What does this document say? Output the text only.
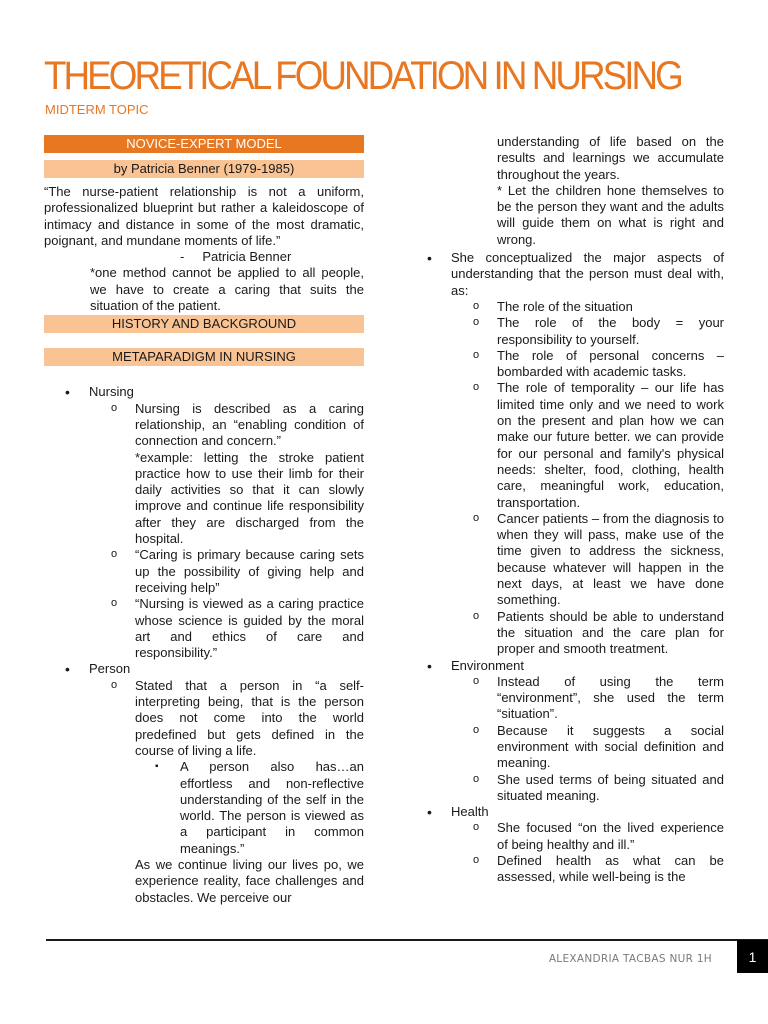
THEORETICAL FOUNDATION IN NURSING
MIDTERM TOPIC
NOVICE-EXPERT MODEL
by Patricia Benner (1979-1985)

“The nurse-patient relationship is not a uniform, professionalized blueprint but rather a kaleidoscope of intimacy and distance in some of the most dramatic, poignant, and mundane moments of life.”

-     Patricia Benner

*one method cannot be applied to all people, we have to create a caring that suits the situation of the patient.

HISTORY AND BACKGROUND
METAPARADIGM IN NURSING
• Nursing
o Nursing is described as a caring relationship, an “enabling condition of connection and concern.”
*example: letting the stroke patient practice how to use their limb for their daily activities so that it can slowly improve and continue life responsibility after they are discharged from the hospital.
o “Caring is primary because caring sets up the possibility of giving help and receiving help”
o “Nursing is viewed as a caring practice whose science is guided by the moral art and ethics of care and responsibility.”
• Person
o Stated that a person in “a self-interpreting being, that is the person does not come into the world predefined but gets defined in the course of living a life.
▪ A person also has…an effortless and non-reflective understanding of the self in the world. The person is viewed as a participant in common meanings.”

As we continue living our lives po, we experience reality, face challenges and obstacles. We perceive our

understanding of life based on the results and learnings we accumulate throughout the years.

* Let the children hone themselves to be the person they want and the adults will guide them on what is right and wrong.

• She conceptualized the major aspects of understanding that the person must deal with, as:
o The role of the situation
o The role of the body = your responsibility to yourself.
o The role of personal concerns – bombarded with academic tasks.
o The role of temporality – our life has limited time only and we need to work on the present and plan how we can make our future better. we can provide for our personal and family's physical needs: shelter, food, clothing, health care, meaningful work, education, transportation.
o Cancer patients – from the diagnosis to when they will pass, make use of the time given to address the sickness, because whatever will happen in the next days, at least we have done something.
o Patients should be able to understand the situation and the care plan for proper and smooth treatment.
• Environment
o Instead of using the term “environment”, she used the term “situation”.
o Because it suggests a social environment with social definition and meaning.
o She used terms of being situated and situated meaning.
• Health
o She focused “on the lived experience of being healthy and ill.”
o Defined health as what can be assessed, while well-being is the
ALEXANDRIA TACBAS NUR 1H	1
